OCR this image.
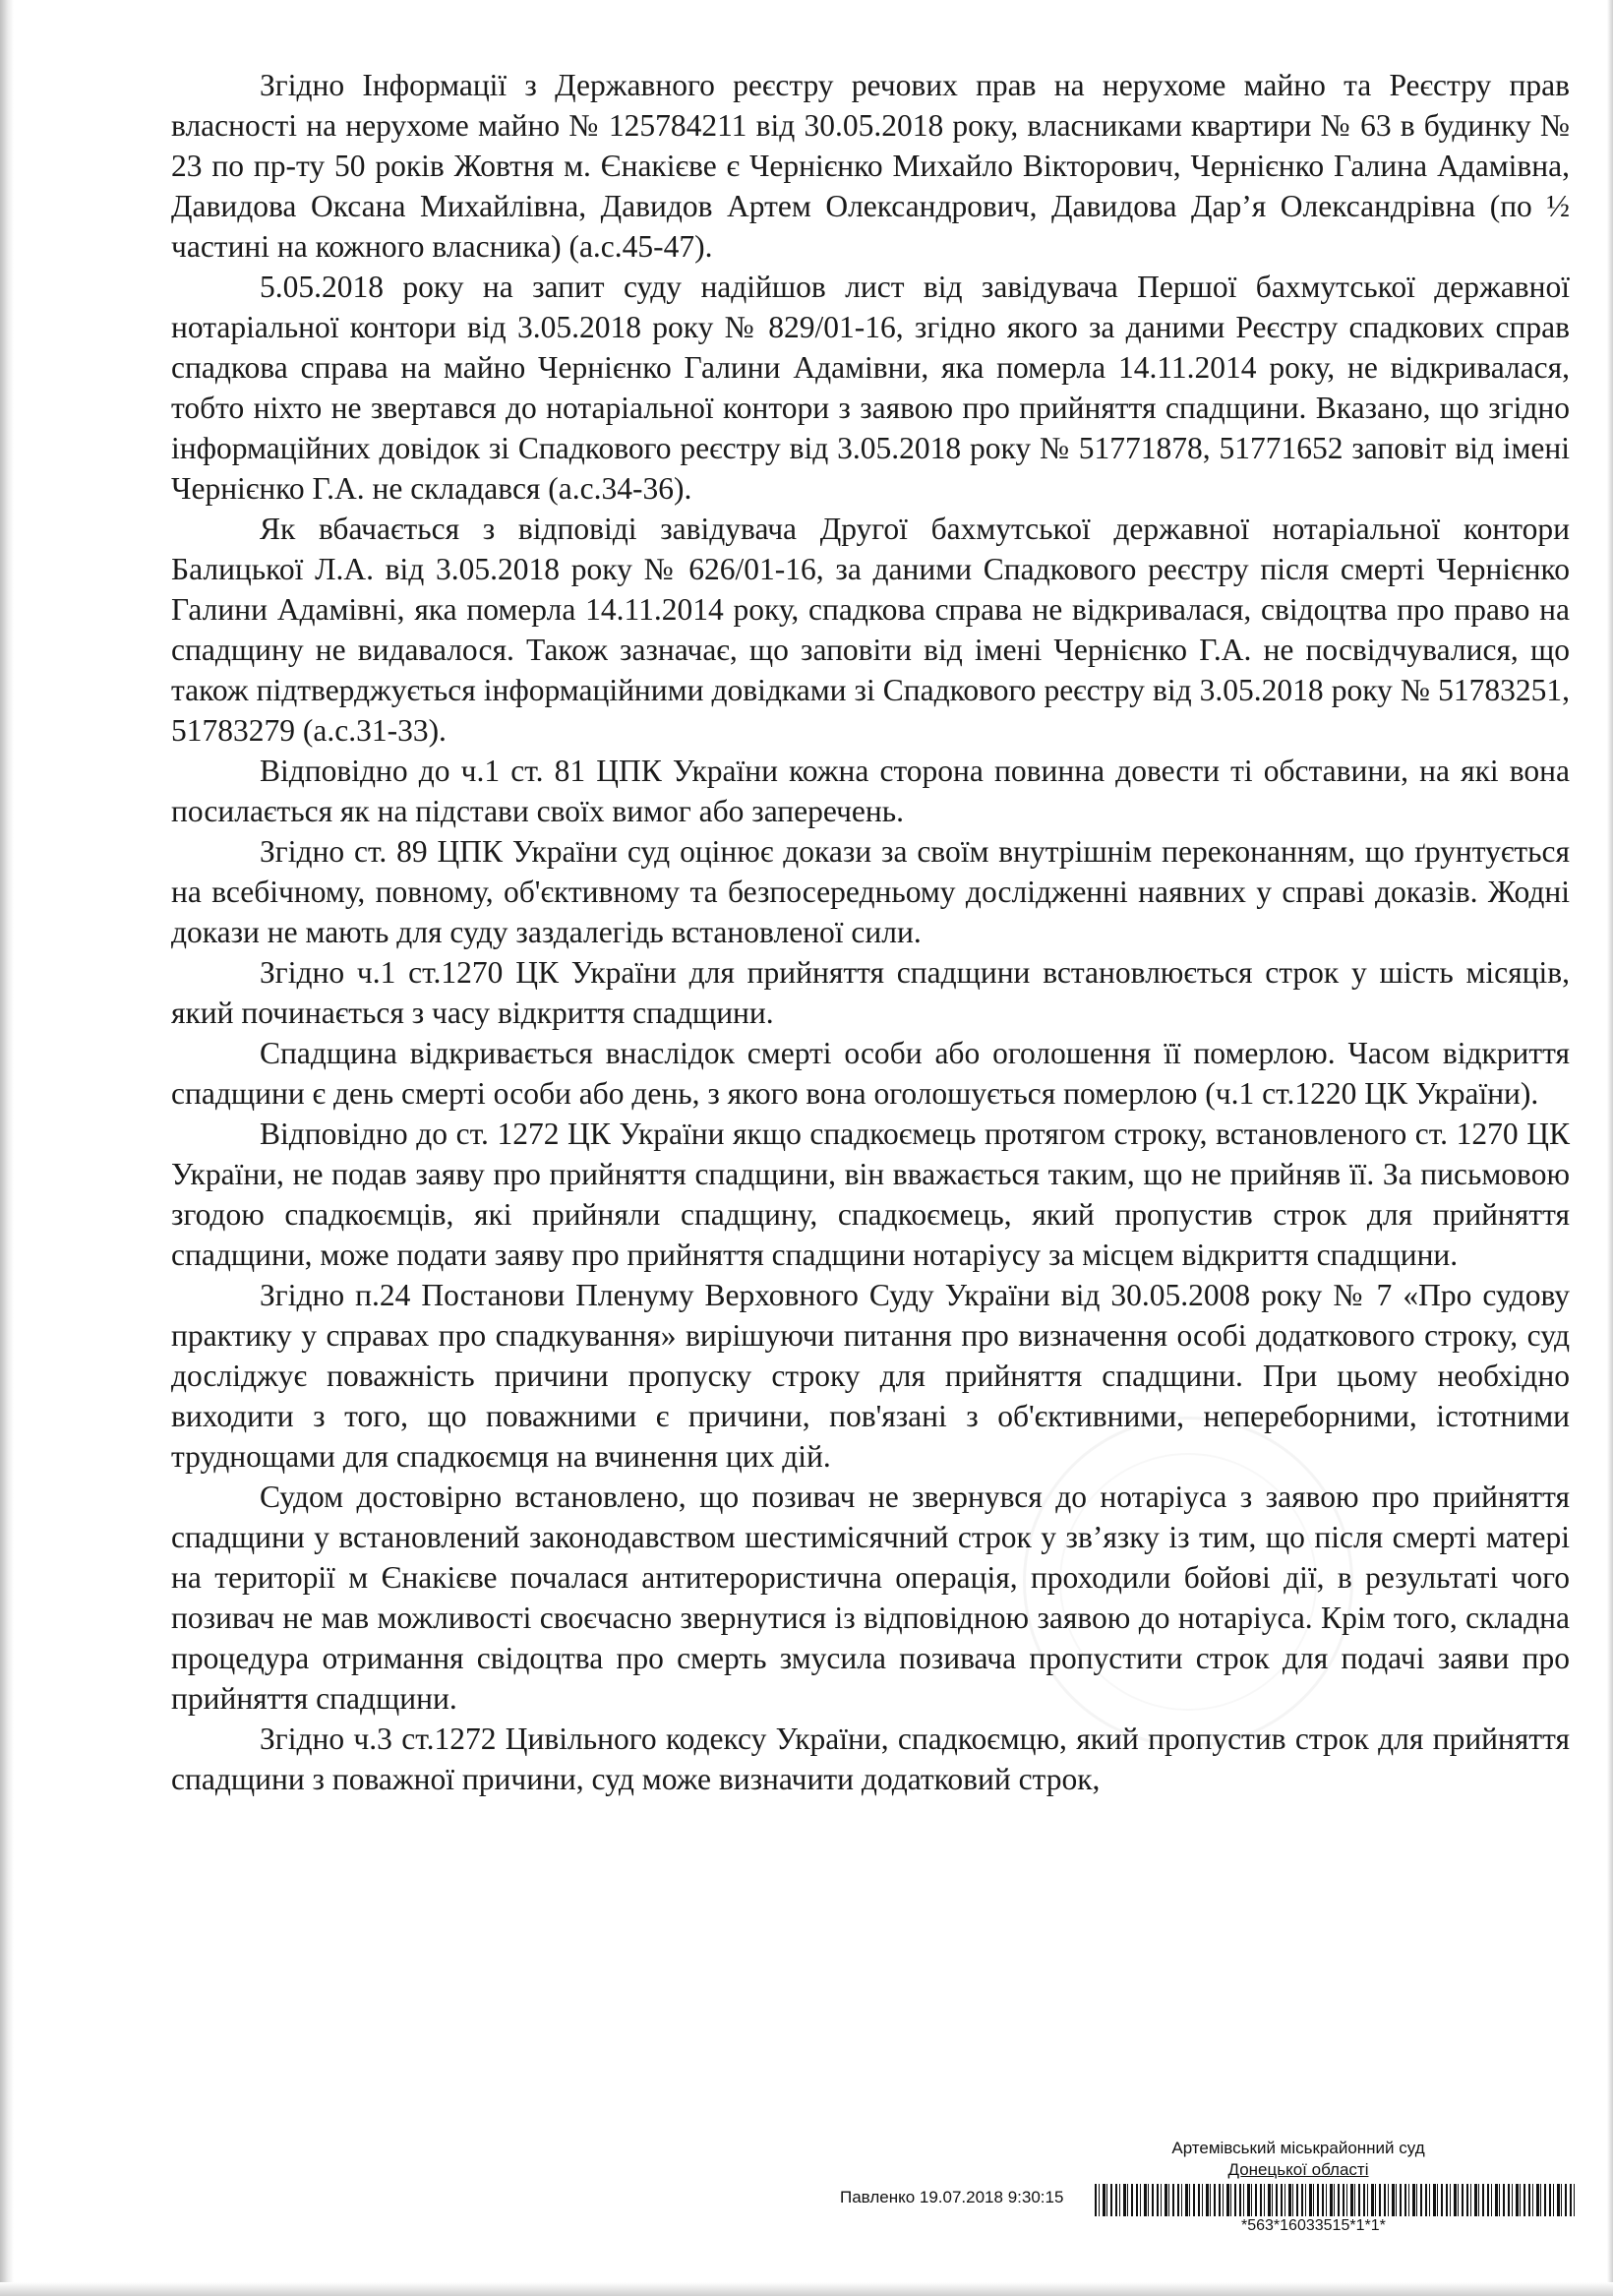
Згідно Інформації з Державного реєстру речових прав на нерухоме майно та Реєстру прав власності на нерухоме майно № 125784211 від 30.05.2018 року, власниками квартири № 63 в будинку № 23 по пр-ту 50 років Жовтня м. Єнакієве є Чернієнко Михайло Вікторович, Чернієнко Галина Адамівна, Давидова Оксана Михайлівна, Давидов Артем Олександрович, Давидова Дар’я Олександрівна (по ½ частині на кожного власника) (а.с.45-47).

5.05.2018 року на запит суду надійшов лист від завідувача Першої бахмутської державної нотаріальної контори від 3.05.2018 року № 829/01-16, згідно якого за даними Реєстру спадкових справ спадкова справа на майно Чернієнко Галини Адамівни, яка померла 14.11.2014 року, не відкривалася, тобто ніхто не звертався до нотаріальної контори з заявою про прийняття спадщини. Вказано, що згідно інформаційних довідок зі Спадкового реєстру від 3.05.2018 року № 51771878, 51771652 заповіт від імені Чернієнко Г.А. не складався (а.с.34-36).

Як вбачається з відповіді завідувача Другої бахмутської державної нотаріальної контори Балицької Л.А. від 3.05.2018 року № 626/01-16, за даними Спадкового реєстру після смерті Чернієнко Галини Адамівні, яка померла 14.11.2014 року, спадкова справа не відкривалася, свідоцтва про право на спадщину не видавалося. Також зазначає, що заповіти від імені Чернієнко Г.А. не посвідчувалися, що також підтверджується інформаційними довідками зі Спадкового реєстру від 3.05.2018 року № 51783251, 51783279 (а.с.31-33).

Відповідно до ч.1 ст. 81 ЦПК України кожна сторона повинна довести ті обставини, на які вона посилається як на підстави своїх вимог або заперечень.

Згідно ст. 89 ЦПК України суд оцінює докази за своїм внутрішнім переконанням, що ґрунтується на всебічному, повному, об'єктивному та безпосередньому дослідженні наявних у справі доказів. Жодні докази не мають для суду заздалегідь встановленої сили.

Згідно ч.1 ст.1270 ЦК України для прийняття спадщини встановлюється строк у шість місяців, який починається з часу відкриття спадщини.

Спадщина відкривається внаслідок смерті особи або оголошення її померлою. Часом відкриття спадщини є день смерті особи або день, з якого вона оголошується померлою (ч.1 ст.1220 ЦК України).

Відповідно до ст. 1272 ЦК України якщо спадкоємець протягом строку, встановленого ст. 1270 ЦК України, не подав заяву про прийняття спадщини, він вважається таким, що не прийняв її. За письмовою згодою спадкоємців, які прийняли спадщину, спадкоємець, який пропустив строк для прийняття спадщини, може подати заяву про прийняття спадщини нотаріусу за місцем відкриття спадщини.

Згідно п.24 Постанови Пленуму Верховного Суду України від 30.05.2008 року № 7 «Про судову практику у справах про спадкування» вирішуючи питання про визначення особі додаткового строку, суд досліджує поважність причини пропуску строку для прийняття спадщини. При цьому необхідно виходити з того, що поважними є причини, пов'язані з об'єктивними, непереборними, істотними труднощами для спадкоємця на вчинення цих дій.

Судом достовірно встановлено, що позивач не звернувся до нотаріуса з заявою про прийняття спадщини у встановлений законодавством шестимісячний строк у зв’язку із тим, що після смерті матері на території м Єнакієве почалася антитерористична операція, проходили бойові дії, в результаті чого позивач не мав можливості своєчасно звернутися із відповідною заявою до нотаріуса. Крім того, складна процедура отримання свідоцтва про смерть змусила позивача пропустити строк для подачі заяви про прийняття спадщини.

Згідно ч.3 ст.1272 Цивільного кодексу України, спадкоємцю, який пропустив строк для прийняття спадщини з поважної причини, суд може визначити додатковий строк,

Артемівський міськрайонний суд
Донецької області
Павленко 19.07.2018 9:30:15
*563*16033515*1*1*
